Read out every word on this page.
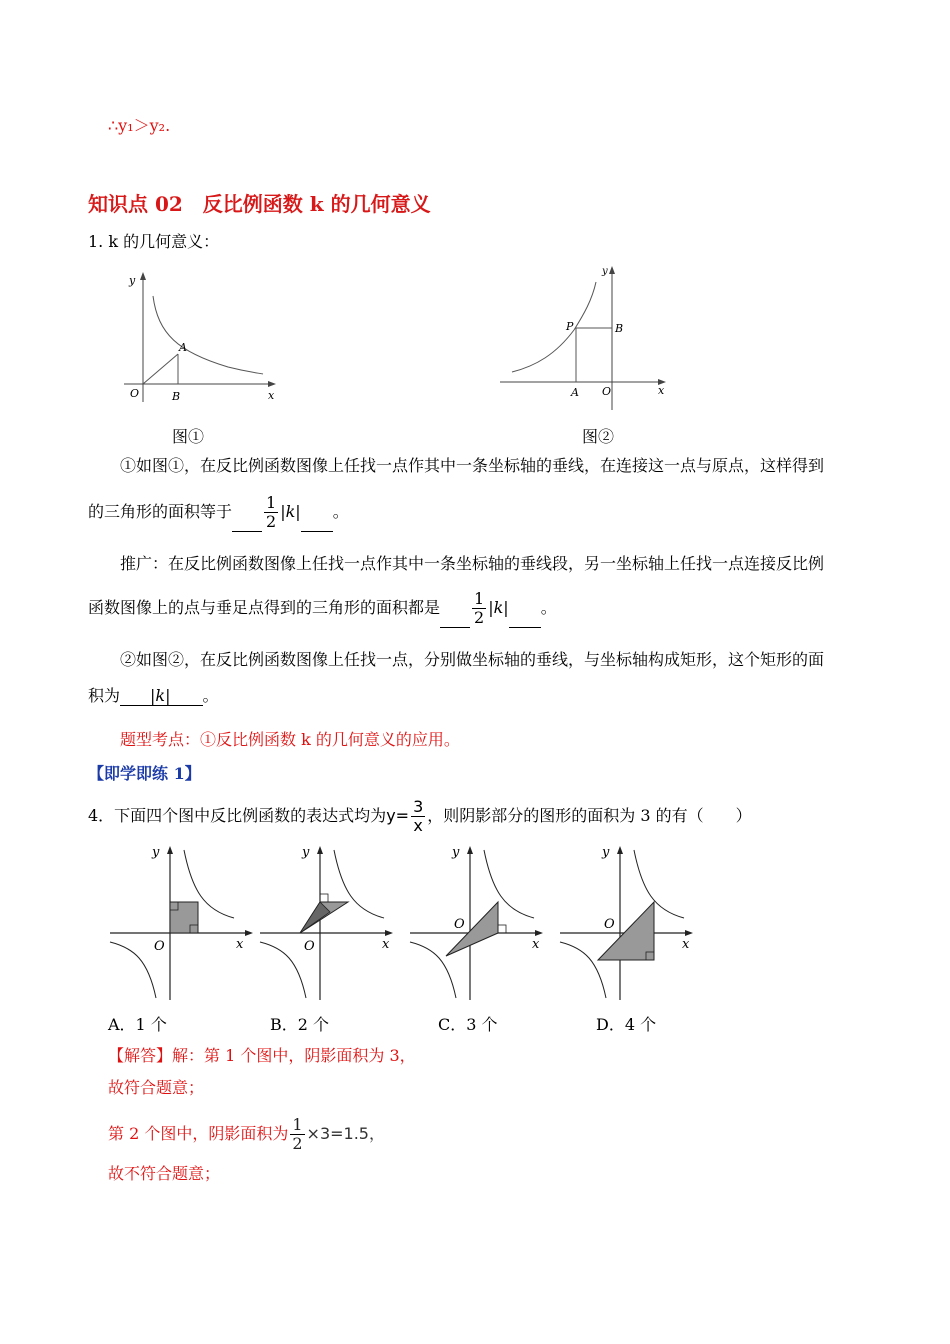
∴y₁＞y₂.
知识点 02　反比例函数 k 的几何意义
1. k 的几何意义：
y
x
O
A
B
图①
y
x
O
A
B
P
图②
①如图①，在反比例函数图像上任找一点作其中一条坐标轴的垂线，在连接这一点与原点，这样得到
的三角形的面积等于 $\frac{1}{2} |k|$ 。
推广：在反比例函数图像上任找一点作其中一条坐标轴的垂线段，另一坐标轴上任找一点连接反比例
函数图像上的点与垂足点得到的三角形的面积都是 $\frac{1}{2} |k|$ 。
②如图②，在反比例函数图像上任找一点，分别做坐标轴的垂线，与坐标轴构成矩形，这个矩形的面
积为 |k| 。
题型考点：①反比例函数 k 的几何意义的应用。
【即学即练 1】
4．下面四个图中反比例函数的表达式均为$y= \frac{3}{x}$ ，则阴影部分的图形的面积为 3 的有（　　）
y
x
O
y
x
O
y
x
O
y
x
O
A．1 个	B．2 个	C．3 个	D．4 个
【解答】解：第 1 个图中，阴影面积为 3，
故符合题意；
第 2 个图中，阴影面积为 $\frac{1}{2} \times 3=1.5$，
故不符合题意；
